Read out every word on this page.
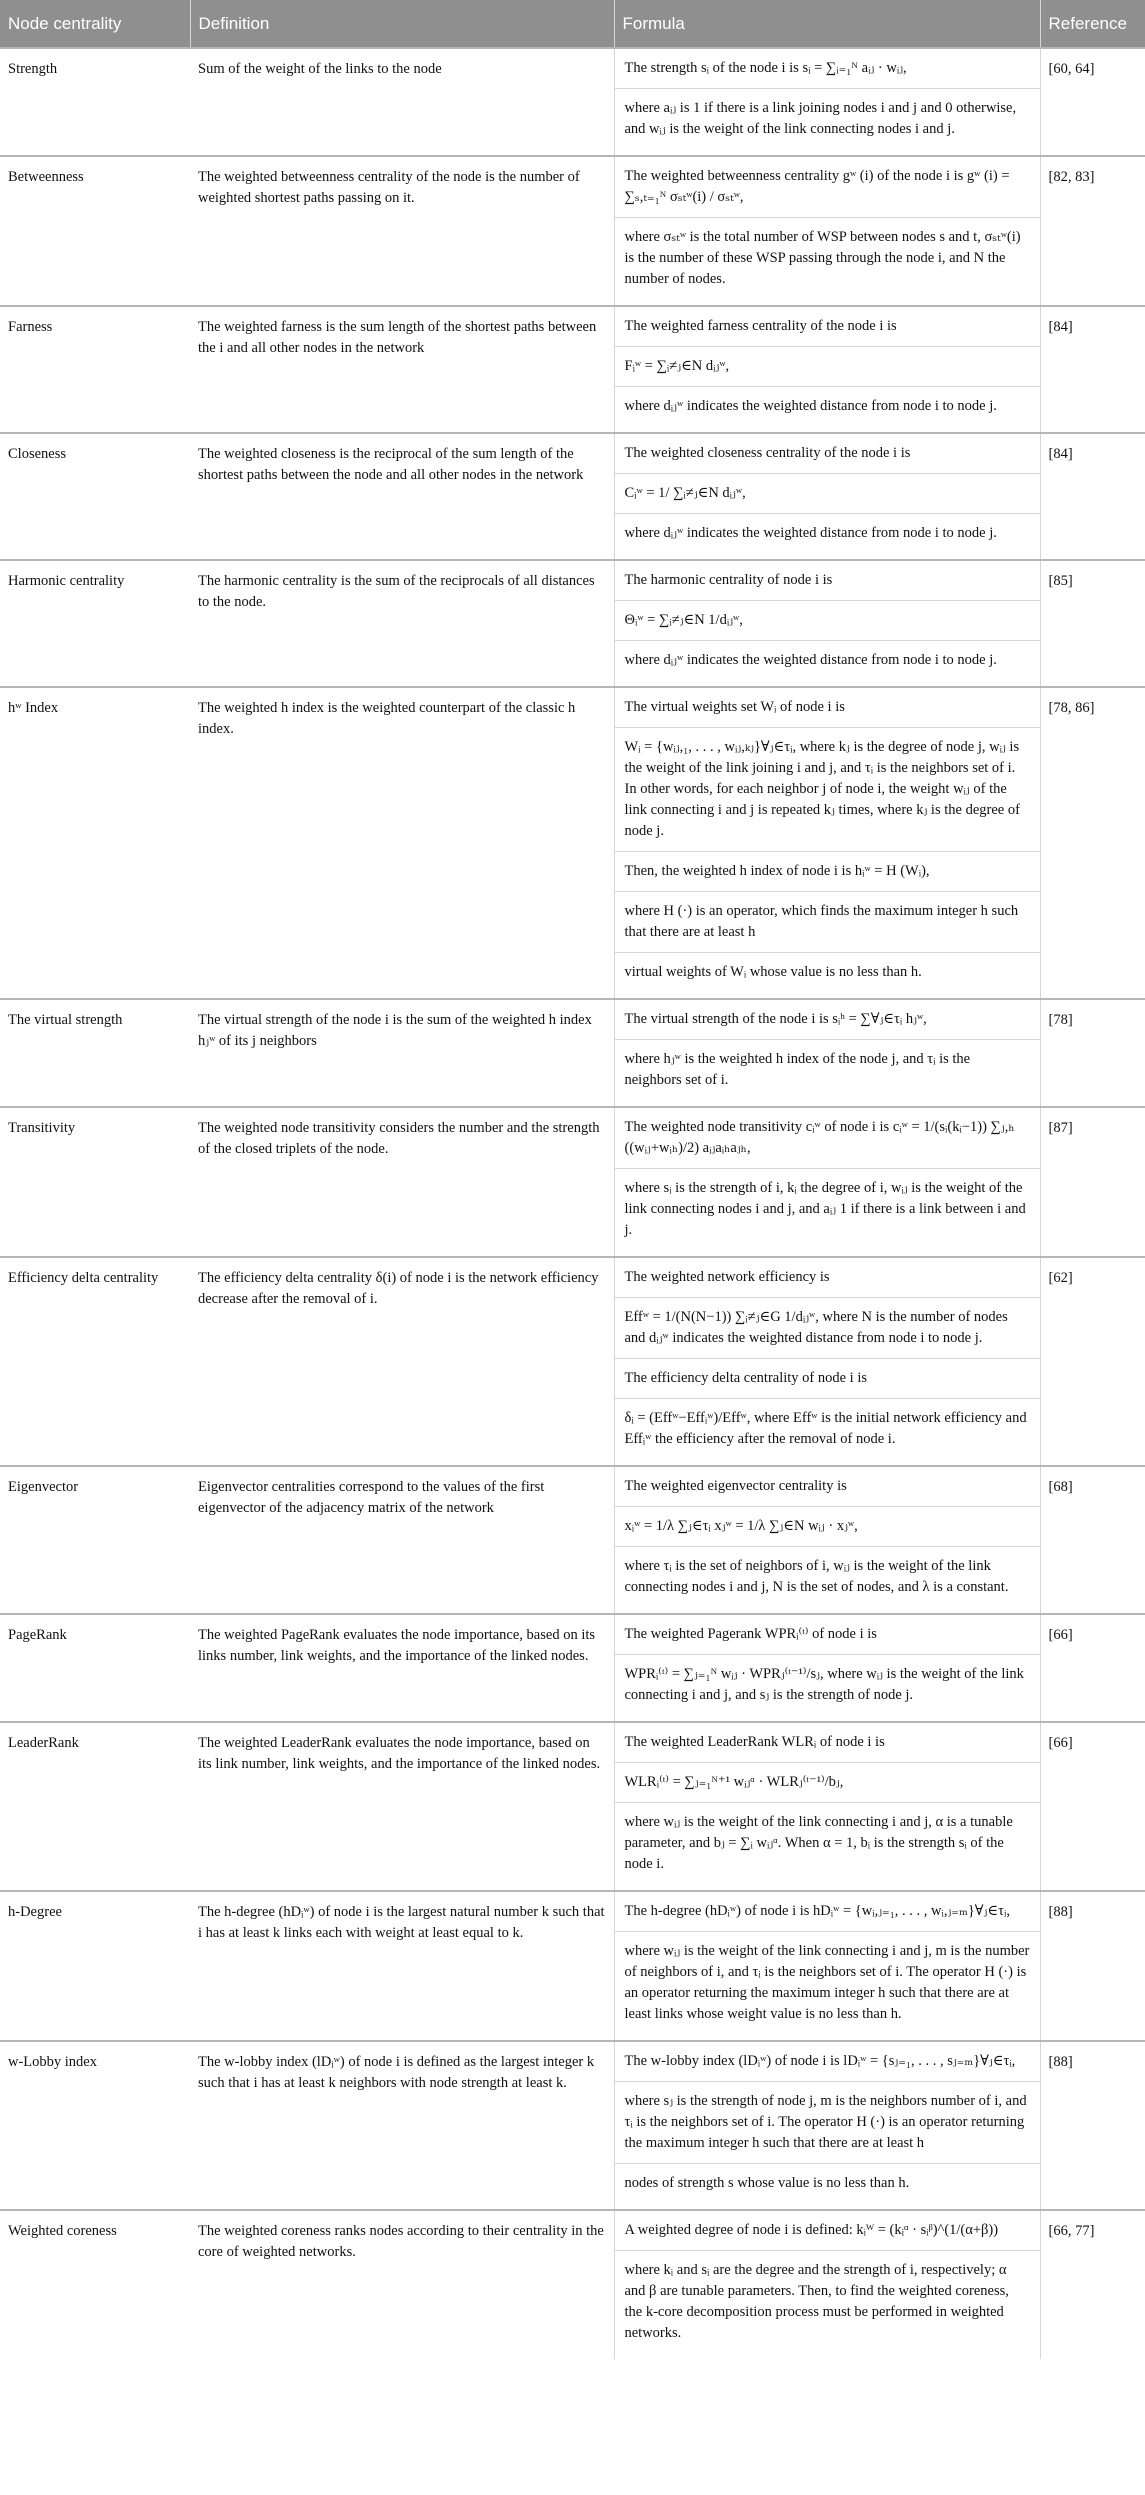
Node centrality	Definition	Formula	Reference
Strength	Sum of the weight of the links to the node	The strength sᵢ of the node i is sᵢ = ∑ᵢ₌₁ᴺ aᵢⱼ · wᵢⱼ,
where aᵢⱼ is 1 if there is a link joining nodes i and j and 0 otherwise, and wᵢⱼ is the weight of the link connecting nodes i and j.	[60, 64]
Betweenness	The weighted betweenness centrality of the node is the number of weighted shortest paths passing on it.	The weighted betweenness centrality gʷ (i) of the node i is gʷ (i) = ∑ₛ,ₜ₌₁ᴺ σₛₜʷ(i) / σₛₜʷ,
where σₛₜʷ is the total number of WSP between nodes s and t, σₛₜʷ(i) is the number of these WSP passing through the node i, and N the number of nodes.	[82, 83]
Farness	The weighted farness is the sum length of the shortest paths between the i and all other nodes in the network	The weighted farness centrality of the node i is
Fᵢʷ = ∑ᵢ≠ⱼ∈N dᵢⱼʷ,
where dᵢⱼʷ indicates the weighted distance from node i to node j.	[84]
Closeness	The weighted closeness is the reciprocal of the sum length of the shortest paths between the node and all other nodes in the network	The weighted closeness centrality of the node i is
Cᵢʷ = 1/ ∑ᵢ≠ⱼ∈N dᵢⱼʷ,
where dᵢⱼʷ indicates the weighted distance from node i to node j.	[84]
Harmonic centrality	The harmonic centrality is the sum of the reciprocals of all distances to the node.	The harmonic centrality of node i is
Θᵢʷ = ∑ᵢ≠ⱼ∈N 1/dᵢⱼʷ,
where dᵢⱼʷ indicates the weighted distance from node i to node j.	[85]
hʷ Index	The weighted h index is the weighted counterpart of the classic h index.	The virtual weights set Wᵢ of node i is
Wᵢ = {wᵢⱼ,₁, . . . , wᵢⱼ,ₖⱼ}∀ⱼ∈τᵢ, where kⱼ is the degree of node j, wᵢⱼ is the weight of the link joining i and j, and τᵢ is the neighbors set of i. In other words, for each neighbor j of node i, the weight wᵢⱼ of the link connecting i and j is repeated kⱼ times, where kⱼ is the degree of node j.
Then, the weighted h index of node i is hᵢʷ = H (Wᵢ),
where H (·) is an operator, which finds the maximum integer h such that there are at least h
virtual weights of Wᵢ whose value is no less than h.	[78, 86]
The virtual strength	The virtual strength of the node i is the sum of the weighted h index hⱼʷ of its j neighbors	The virtual strength of the node i is sᵢʰ = ∑∀ⱼ∈τᵢ hⱼʷ,
where hⱼʷ is the weighted h index of the node j, and τᵢ is the neighbors set of i.	[78]
Transitivity	The weighted node transitivity considers the number and the strength of the closed triplets of the node.	The weighted node transitivity cᵢʷ of node i is cᵢʷ = 1/(sᵢ(kᵢ−1)) ∑ⱼ,ₕ ((wᵢⱼ+wᵢₕ)/2) aᵢⱼaᵢₕaⱼₕ,
where sᵢ is the strength of i, kᵢ the degree of i, wᵢⱼ is the weight of the link connecting nodes i and j, and aᵢⱼ 1 if there is a link between i and j.	[87]
Efficiency delta centrality	The efficiency delta centrality δ(i) of node i is the network efficiency decrease after the removal of i.	The weighted network efficiency is
Effʷ = 1/(N(N−1)) ∑ᵢ≠ⱼ∈G 1/dᵢⱼʷ, where N is the number of nodes and dᵢⱼʷ indicates the weighted distance from node i to node j.
The efficiency delta centrality of node i is
δᵢ = (Effʷ−Effᵢʷ)/Effʷ, where Effʷ is the initial network efficiency and Effᵢʷ the efficiency after the removal of node i.	[62]
Eigenvector	Eigenvector centralities correspond to the values of the first eigenvector of the adjacency matrix of the network	The weighted eigenvector centrality is
xᵢʷ = 1/λ ∑ⱼ∈τᵢ xⱼʷ = 1/λ ∑ⱼ∈N wᵢⱼ · xⱼʷ,
where τᵢ is the set of neighbors of i, wᵢⱼ is the weight of the link connecting nodes i and j, N is the set of nodes, and λ is a constant.	[68]
PageRank	The weighted PageRank evaluates the node importance, based on its links number, link weights, and the importance of the linked nodes.	The weighted Pagerank WPRᵢ⁽ᵗ⁾ of node i is
WPRᵢ⁽ᵗ⁾ = ∑ⱼ₌₁ᴺ wᵢⱼ · WPRⱼ⁽ᵗ⁻¹⁾/sⱼ, where wᵢⱼ is the weight of the link connecting i and j, and sⱼ is the strength of node j.	[66]
LeaderRank	The weighted LeaderRank evaluates the node importance, based on its link number, link weights, and the importance of the linked nodes.	The weighted LeaderRank WLRᵢ of node i is
WLRᵢ⁽ᵗ⁾ = ∑ⱼ₌₁ᴺ⁺¹ wᵢⱼᵅ · WLRⱼ⁽ᵗ⁻¹⁾/bⱼ,
where wᵢⱼ is the weight of the link connecting i and j, α is a tunable parameter, and bⱼ = ∑ᵢ wᵢⱼᵅ. When α = 1, bᵢ is the strength sᵢ of the node i.	[66]
h-Degree	The h-degree (hDᵢʷ) of node i is the largest natural number k such that i has at least k links each with weight at least equal to k.	The h-degree (hDᵢʷ) of node i is hDᵢʷ = {wᵢ,ⱼ₌₁, . . . , wᵢ,ⱼ₌ₘ}∀ⱼ∈τᵢ,
where wᵢⱼ is the weight of the link connecting i and j, m is the number of neighbors of i, and τᵢ is the neighbors set of i. The operator H (·) is an operator returning the maximum integer h such that there are at least links whose weight value is no less than h.	[88]
w-Lobby index	The w-lobby index (lDᵢʷ) of node i is defined as the largest integer k such that i has at least k neighbors with node strength at least k.	The w-lobby index (lDᵢʷ) of node i is lDᵢʷ = {sⱼ₌₁, . . . , sⱼ₌ₘ}∀ⱼ∈τᵢ,
where sⱼ is the strength of node j, m is the neighbors number of i, and τᵢ is the neighbors set of i. The operator H (·) is an operator returning the maximum integer h such that there are at least h
nodes of strength s whose value is no less than h.	[88]
Weighted coreness	The weighted coreness ranks nodes according to their centrality in the core of weighted networks.	A weighted degree of node i is defined: kᵢᵂ = (kᵢᵅ · sᵢᵝ)^(1/(α+β))
where kᵢ and sᵢ are the degree and the strength of i, respectively; α and β are tunable parameters. Then, to find the weighted coreness, the k-core decomposition process must be performed in weighted networks.	[66, 77]
